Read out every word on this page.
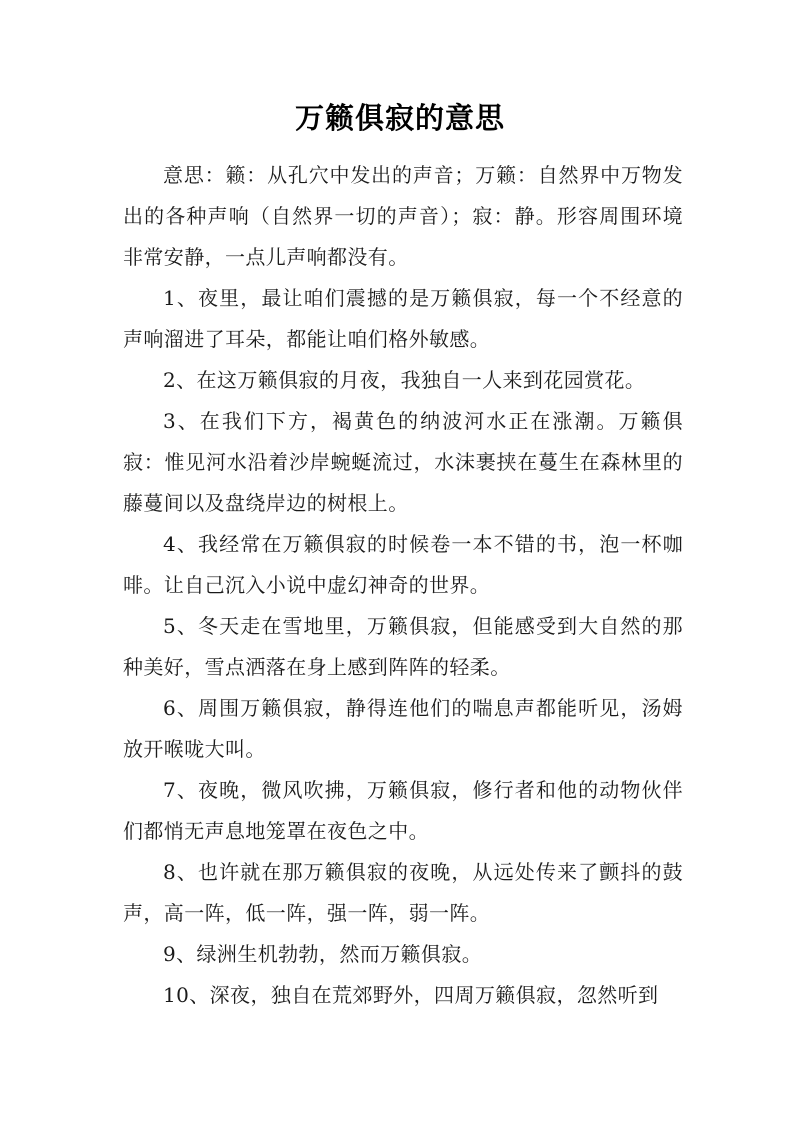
万籁俱寂的意思

意思：籁：从孔穴中发出的声音；万籁：自然界中万物发出的各种声响（自然界一切的声音）；寂：静。形容周围环境非常安静，一点儿声响都没有。

1、夜里，最让咱们震撼的是万籁俱寂，每一个不经意的声响溜进了耳朵，都能让咱们格外敏感。

2、在这万籁俱寂的月夜，我独自一人来到花园赏花。

3、在我们下方，褐黄色的纳波河水正在涨潮。万籁俱寂：惟见河水沿着沙岸蜿蜒流过，水沫裹挟在蔓生在森林里的藤蔓间以及盘绕岸边的树根上。

4、我经常在万籁俱寂的时候卷一本不错的书，泡一杯咖啡。让自己沉入小说中虚幻神奇的世界。

5、冬天走在雪地里，万籁俱寂，但能感受到大自然的那种美好，雪点洒落在身上感到阵阵的轻柔。

6、周围万籁俱寂，静得连他们的喘息声都能听见，汤姆放开喉咙大叫。

7、夜晚，微风吹拂，万籁俱寂，修行者和他的动物伙伴们都悄无声息地笼罩在夜色之中。

8、也许就在那万籁俱寂的夜晚，从远处传来了颤抖的鼓声，高一阵，低一阵，强一阵，弱一阵。

9、绿洲生机勃勃，然而万籁俱寂。

10、深夜，独自在荒郊野外，四周万籁俱寂，忽然听到
